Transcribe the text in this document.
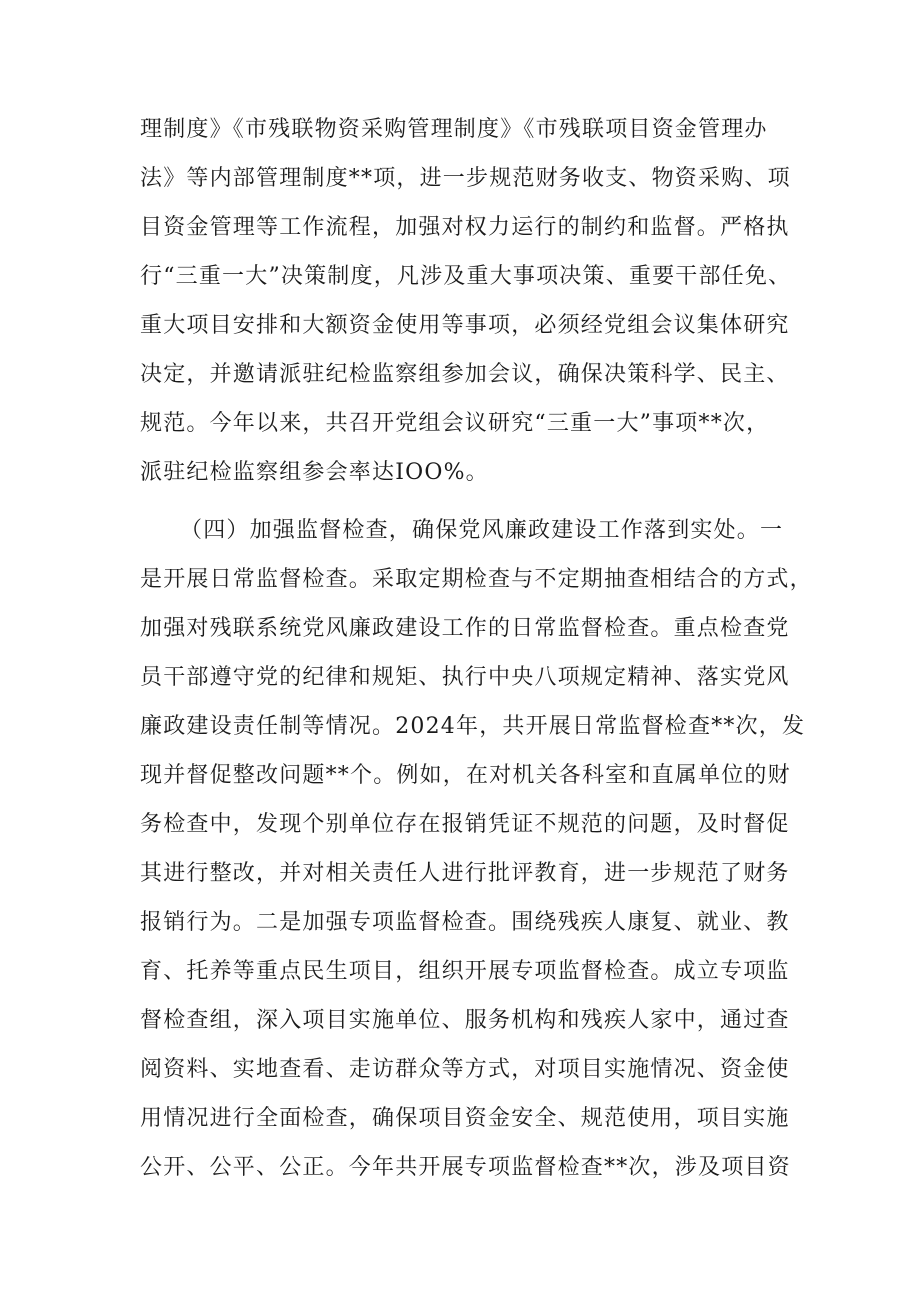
理制度》《市残联物资采购管理制度》《市残联项目资金管理办
法》等内部管理制度**项，进一步规范财务收支、物资采购、项
目资金管理等工作流程，加强对权力运行的制约和监督。严格执
行“三重一大”决策制度，凡涉及重大事项决策、重要干部任免、
重大项目安排和大额资金使用等事项，必须经党组会议集体研究
决定，并邀请派驻纪检监察组参加会议，确保决策科学、民主、
规范。今年以来，共召开党组会议研究“三重一大”事项**次，
派驻纪检监察组参会率达IOO%。
（四）加强监督检查，确保党风廉政建设工作落到实处。一
是开展日常监督检查。采取定期检查与不定期抽查相结合的方式，
加强对残联系统党风廉政建设工作的日常监督检查。重点检查党
员干部遵守党的纪律和规矩、执行中央八项规定精神、落实党风
廉政建设责任制等情况。2024年，共开展日常监督检查**次，发
现并督促整改问题**个。例如，在对机关各科室和直属单位的财
务检查中，发现个别单位存在报销凭证不规范的问题，及时督促
其进行整改，并对相关责任人进行批评教育，进一步规范了财务
报销行为。二是加强专项监督检查。围绕残疾人康复、就业、教
育、托养等重点民生项目，组织开展专项监督检查。成立专项监
督检查组，深入项目实施单位、服务机构和残疾人家中，通过查
阅资料、实地查看、走访群众等方式，对项目实施情况、资金使
用情况进行全面检查，确保项目资金安全、规范使用，项目实施
公开、公平、公正。今年共开展专项监督检查**次，涉及项目资
